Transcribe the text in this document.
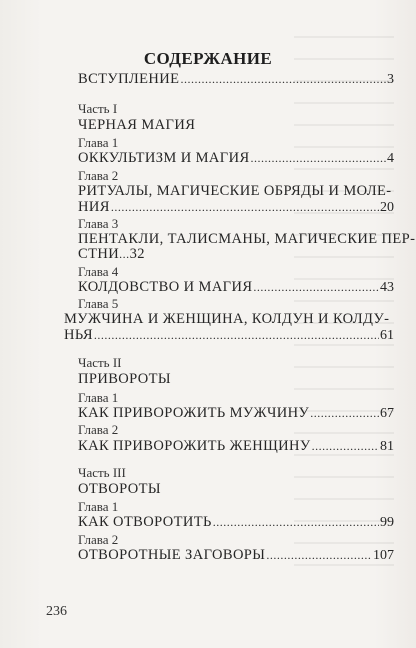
СОДЕРЖАНИЕ
ВСТУПЛЕНИЕ .....	3
Часть I
ЧЕРНАЯ МАГИЯ
Глава 1
ОККУЛЬТИЗМ И МАГИЯ .....	4
Глава 2
РИТУАЛЫ, МАГИЧЕСКИЕ ОБРЯДЫ И МОЛЕ-
НИЯ .....	20
Глава 3
ПЕНТАКЛИ, ТАЛИСМАНЫ, МАГИЧЕСКИЕ ПЕР-
СТНИ...32
Глава 4
КОЛДОВСТВО И МАГИЯ .....	43
Глава 5
МУЖЧИНА И ЖЕНЩИНА, КОЛДУН И КОЛДУ-
НЬЯ .....	61
Часть II
ПРИВОРОТЫ
Глава 1
КАК ПРИВОРОЖИТЬ МУЖЧИНУ .....	67
Глава 2
КАК ПРИВОРОЖИТЬ ЖЕНЩИНУ .....	81
Часть III
ОТВОРОТЫ
Глава 1
КАК ОТВОРОТИТЬ .....	99
Глава 2
ОТВОРОТНЫЕ ЗАГОВОРЫ .....	107
236
